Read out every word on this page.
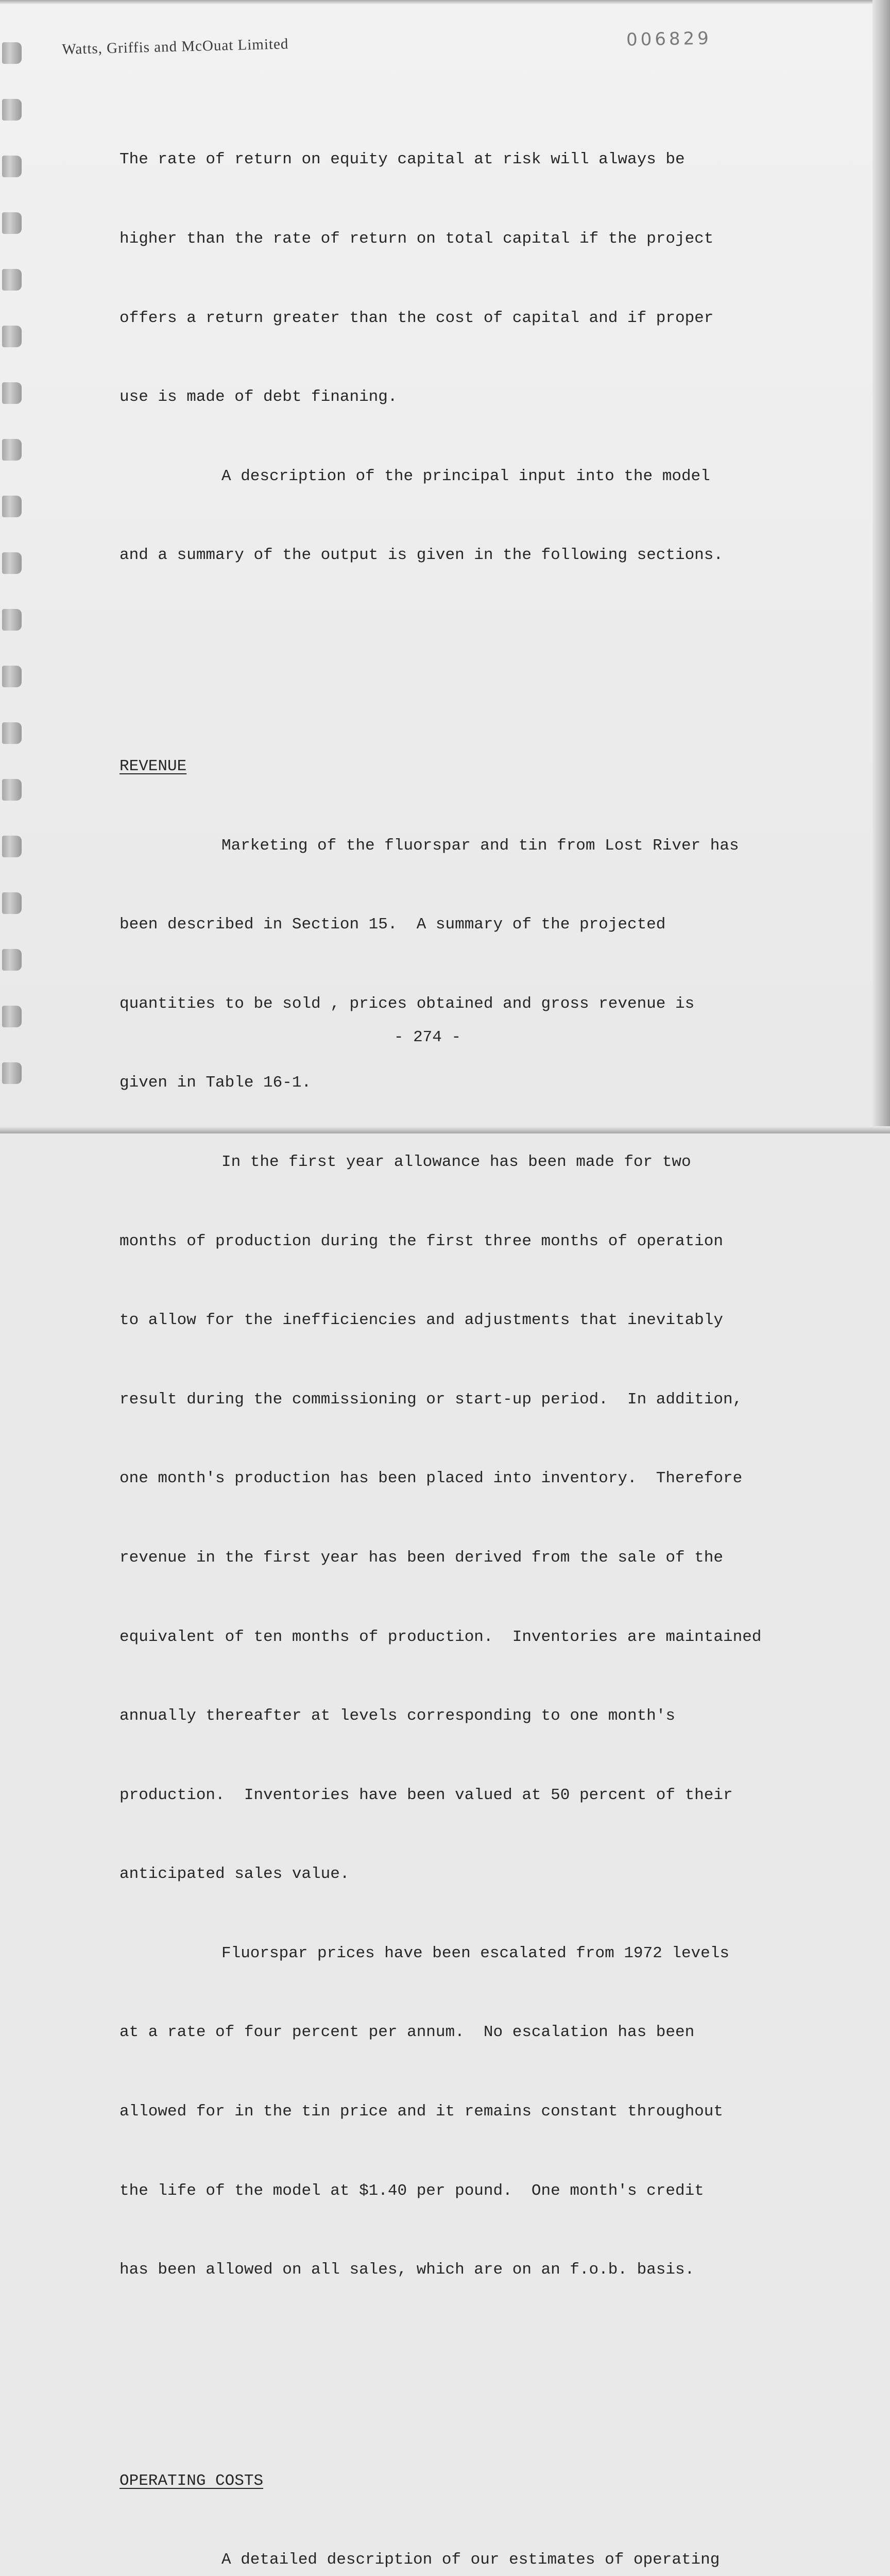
Watts, Griffis and McOuat Limited	006829

The rate of return on equity capital at risk will always be

higher than the rate of return on total capital if the project

offers a return greater than the cost of capital and if proper

use is made of debt finaning.

A description of the principal input into the model

and a summary of the output is given in the following sections.

REVENUE

Marketing of the fluorspar and tin from Lost River has

been described in Section 15.  A summary of the projected

quantities to be sold , prices obtained and gross revenue is

given in Table 16-1.

In the first year allowance has been made for two

months of production during the first three months of operation

to allow for the inefficiencies and adjustments that inevitably

result during the commissioning or start-up period.  In addition,

one month's production has been placed into inventory.  Therefore

revenue in the first year has been derived from the sale of the

equivalent of ten months of production.  Inventories are maintained

annually thereafter at levels corresponding to one month's

production.  Inventories have been valued at 50 percent of their

anticipated sales value.

Fluorspar prices have been escalated from 1972 levels

at a rate of four percent per annum.  No escalation has been

allowed for in the tin price and it remains constant throughout

the life of the model at $1.40 per pound.  One month's credit

has been allowed on all sales, which are on an f.o.b. basis.

OPERATING COSTS

A detailed description of our estimates of operating

- 274 -
